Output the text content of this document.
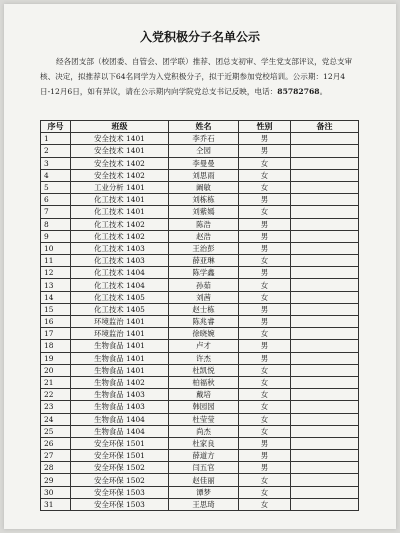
入党积极分子名单公示
经各团支部（校团委、自管会、团学联）推荐、团总支初审、学生党支部评议，党总支审核、决定，拟推荐以下64名同学为入党积极分子，拟于近期参加党校培训。公示期：12月4日-12月6日，如有异议，请在公示期内向学院党总支书记反映，电话：85782768。
序号	班级	姓名	性别	备注
1	安全技术 1401	李乔石	男	
2	安全技术 1401	仝园	男	
3	安全技术 1402	李曼曼	女	
4	安全技术 1402	刘思雨	女	
5	工业分析 1401	阚敏	女	
6	化工技术 1401	刘栋栋	男	
7	化工技术 1401	刘紫嫣	女	
8	化工技术 1402	陈浩	男	
9	化工技术 1402	赵浩	男	
10	化工技术 1403	王治彭	男	
11	化工技术 1403	薛亚琳	女	
12	化工技术 1404	陈学鑫	男	
13	化工技术 1404	孙茹	女	
14	化工技术 1405	刘茜	女	
15	化工技术 1405	赵士栋	男	
16	环境监治 1401	陈兆睿	男	
17	环境监治 1401	徐晓婉	女	
18	生物食品 1401	卢才	男	
19	生物食品 1401	许杰	男	
20	生物食品 1401	杜凯悦	女	
21	生物食品 1402	柏福秋	女	
22	生物食品 1403	戴培	女	
23	生物食品 1403	韩园园	女	
24	生物食品 1404	杜莹莹	女	
25	生物食品 1404	尚杰	女	
26	安全环保 1501	杜家良	男	
27	安全环保 1501	薛道方	男	
28	安全环保 1502	闫五官	男	
29	安全环保 1502	赵佳丽	女	
30	安全环保 1503	谭梦	女	
31	安全环保 1503	王思琦	女	
